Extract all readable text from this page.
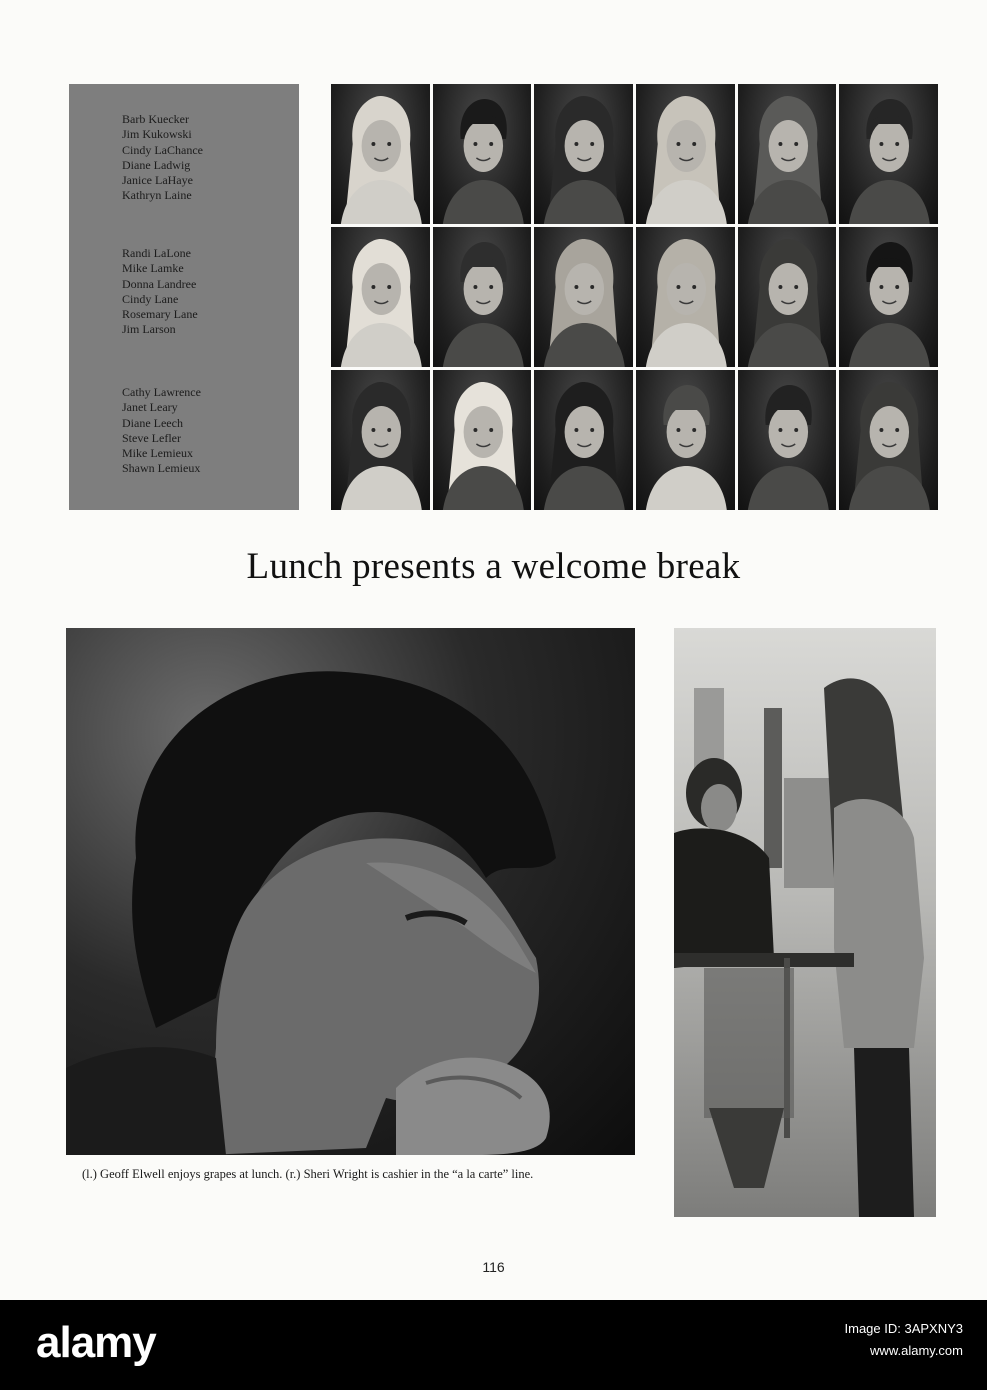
Barb Kuecker
Jim Kukowski
Cindy LaChance
Diane Ladwig
Janice LaHaye
Kathryn Laine
Randi LaLone
Mike Lamke
Donna Landree
Cindy Lane
Rosemary Lane
Jim Larson
Cathy Lawrence
Janet Leary
Diane Leech
Steve Lefler
Mike Lemieux
Shawn Lemieux
Lunch presents a welcome break
(l.) Geoff Elwell enjoys grapes at lunch. (r.) Sheri Wright is cashier in the “a la carte” line.
116
alamy	Image ID: 3APXNY3
www.alamy.com
